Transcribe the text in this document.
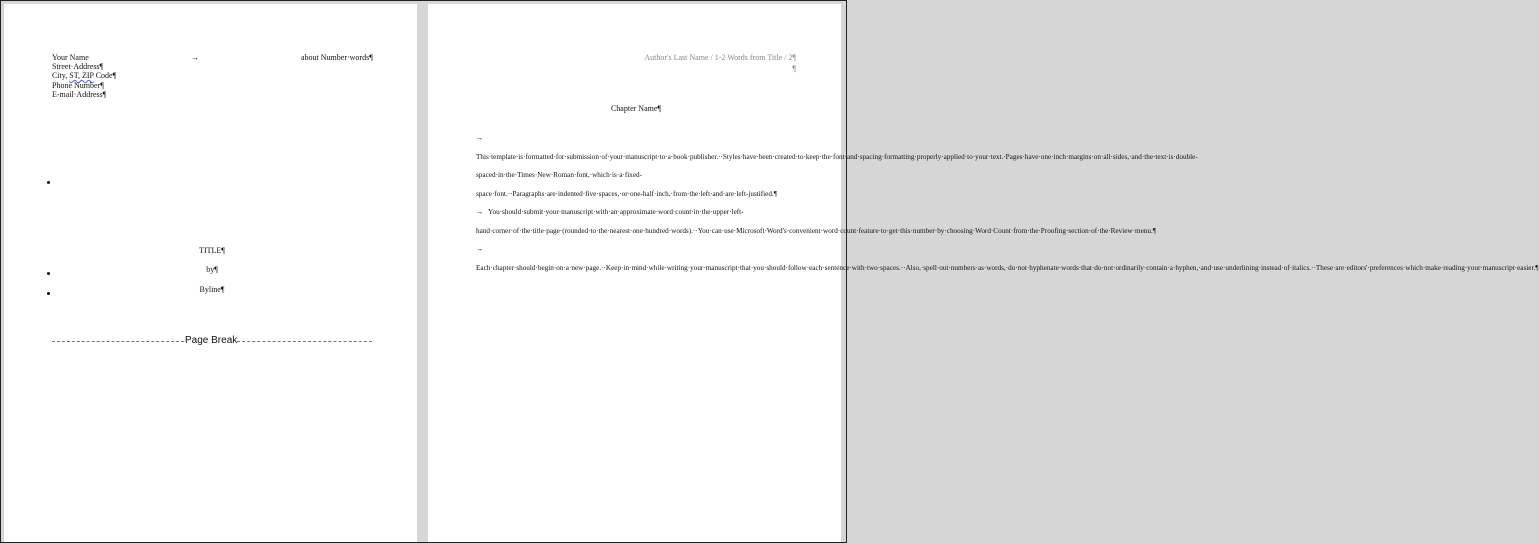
Your Name	→	about Number·words¶
Street·Address¶
City, ST, ZIP Code¶
Phone Number¶
E-mail·Address¶
TITLE¶
by¶
Byline¶
Page Break
Author's Last Name / 1-2 Words from Title / 2¶
¶
Chapter Name¶

→This·template·is·formatted·for·submission·of·your·manuscript·to·a·book·publisher.··Styles·have·been·created·to·keep·the·font·and·spacing·formatting·properly·applied·to·your·text.·Pages·have·one·inch·margins·on·all·sides,·and·the·text·is·double-spaced·in·the·Times·New·Roman·font,·which·is·a·fixed-space·font.··Paragraphs·are·indented·five·spaces,·or·one-half·inch,·from·the·left·and·are·left-justified.¶

→ You·should·submit·your·manuscript·with·an·approximate·word·count·in·the·upper·left-hand·corner·of·the·title·page·(rounded·to·the·nearest·one·hundred·words).··You·can·use·Microsoft·Word's·convenient·word·count·feature·to·get·this·number·by·choosing·Word·Count·from·the·Proofing·section·of·the·Review·menu.¶

→Each·chapter·should·begin·on·a·new·page.··Keep·in·mind·while·writing·your·manuscript·that·you·should·follow·each·sentence·with·two·spaces.··Also,·spell·out·numbers·as·words,·do·not·hyphenate·words·that·do·not·ordinarily·contain·a·hyphen,·and·use·underlining·instead·of·italics.··These·are·editors'·preferences·which·make·reading·your·manuscript·easier.¶
